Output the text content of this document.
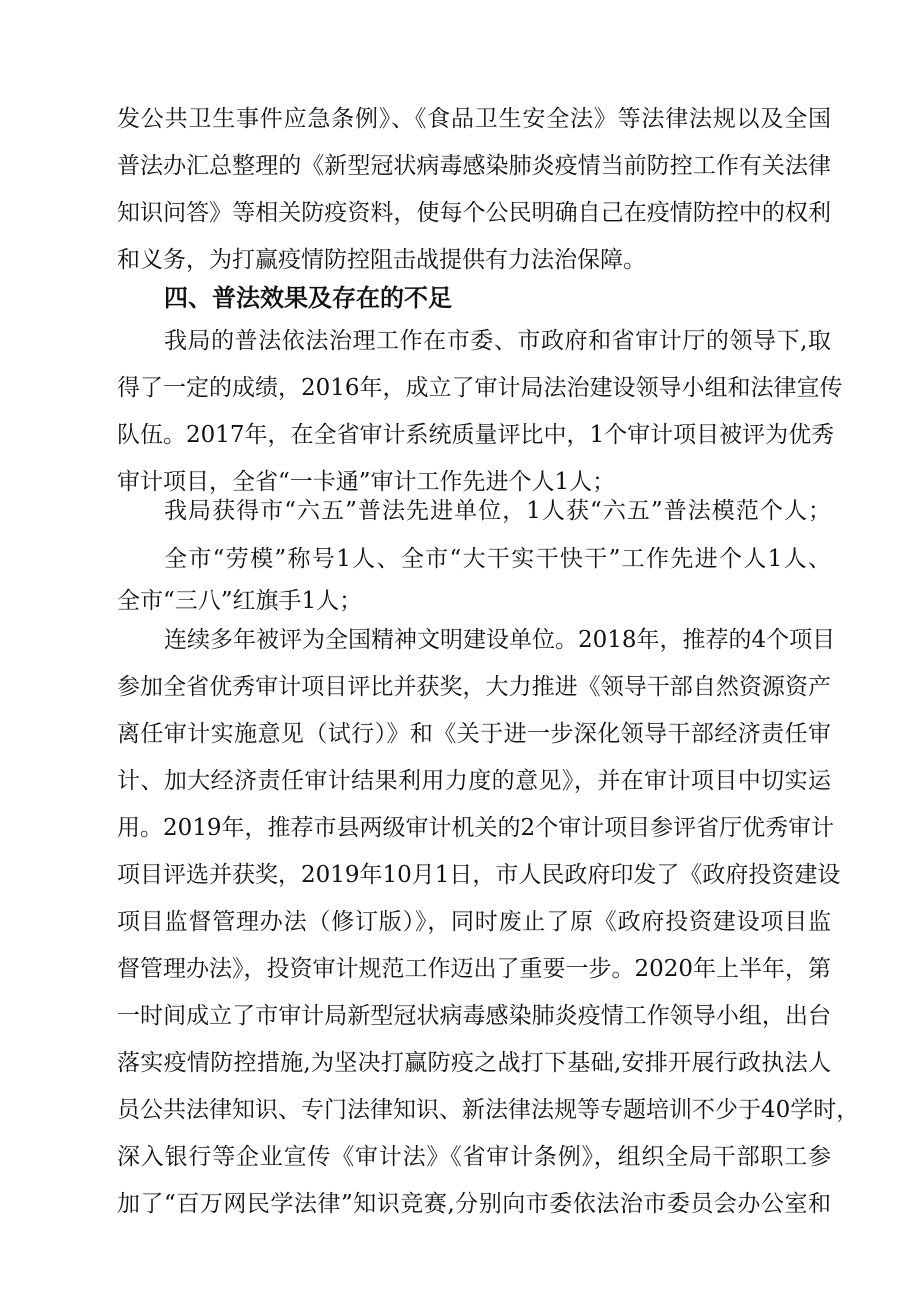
发公共卫生事件应急条例》、《食品卫生安全法》等法律法规以及全国
普法办汇总整理的《新型冠状病毒感染肺炎疫情当前防控工作有关法律
知识问答》等相关防疫资料，使每个公民明确自己在疫情防控中的权利
和义务，为打赢疫情防控阻击战提供有力法治保障。
四、普法效果及存在的不足
我局的普法依法治理工作在市委、市政府和省审计厅的领导下,取
得了一定的成绩，2016年，成立了审计局法治建设领导小组和法律宣传
队伍。2017年，在全省审计系统质量评比中，1个审计项目被评为优秀
审计项目，全省“一卡通”审计工作先进个人1人；
我局获得市“六五”普法先进单位，1人获“六五”普法模范个人；
全市“劳模”称号1人、全市“大干实干快干”工作先进个人1人、
全市“三八”红旗手1人；
连续多年被评为全国精神文明建设单位。2018年，推荐的4个项目
参加全省优秀审计项目评比并获奖，大力推进《领导干部自然资源资产
离任审计实施意见（试行）》和《关于进一步深化领导干部经济责任审
计、加大经济责任审计结果利用力度的意见》，并在审计项目中切实运
用。2019年，推荐市县两级审计机关的2个审计项目参评省厅优秀审计
项目评选并获奖，2019年10月1日，市人民政府印发了《政府投资建设
项目监督管理办法（修订版）》，同时废止了原《政府投资建设项目监
督管理办法》，投资审计规范工作迈出了重要一步。2020年上半年，第
一时间成立了市审计局新型冠状病毒感染肺炎疫情工作领导小组，出台
落实疫情防控措施,为坚决打赢防疫之战打下基础,安排开展行政执法人
员公共法律知识、专门法律知识、新法律法规等专题培训不少于40学时，
深入银行等企业宣传《审计法》《省审计条例》，组织全局干部职工参
加了“百万网民学法律”知识竞赛,分别向市委依法治市委员会办公室和
